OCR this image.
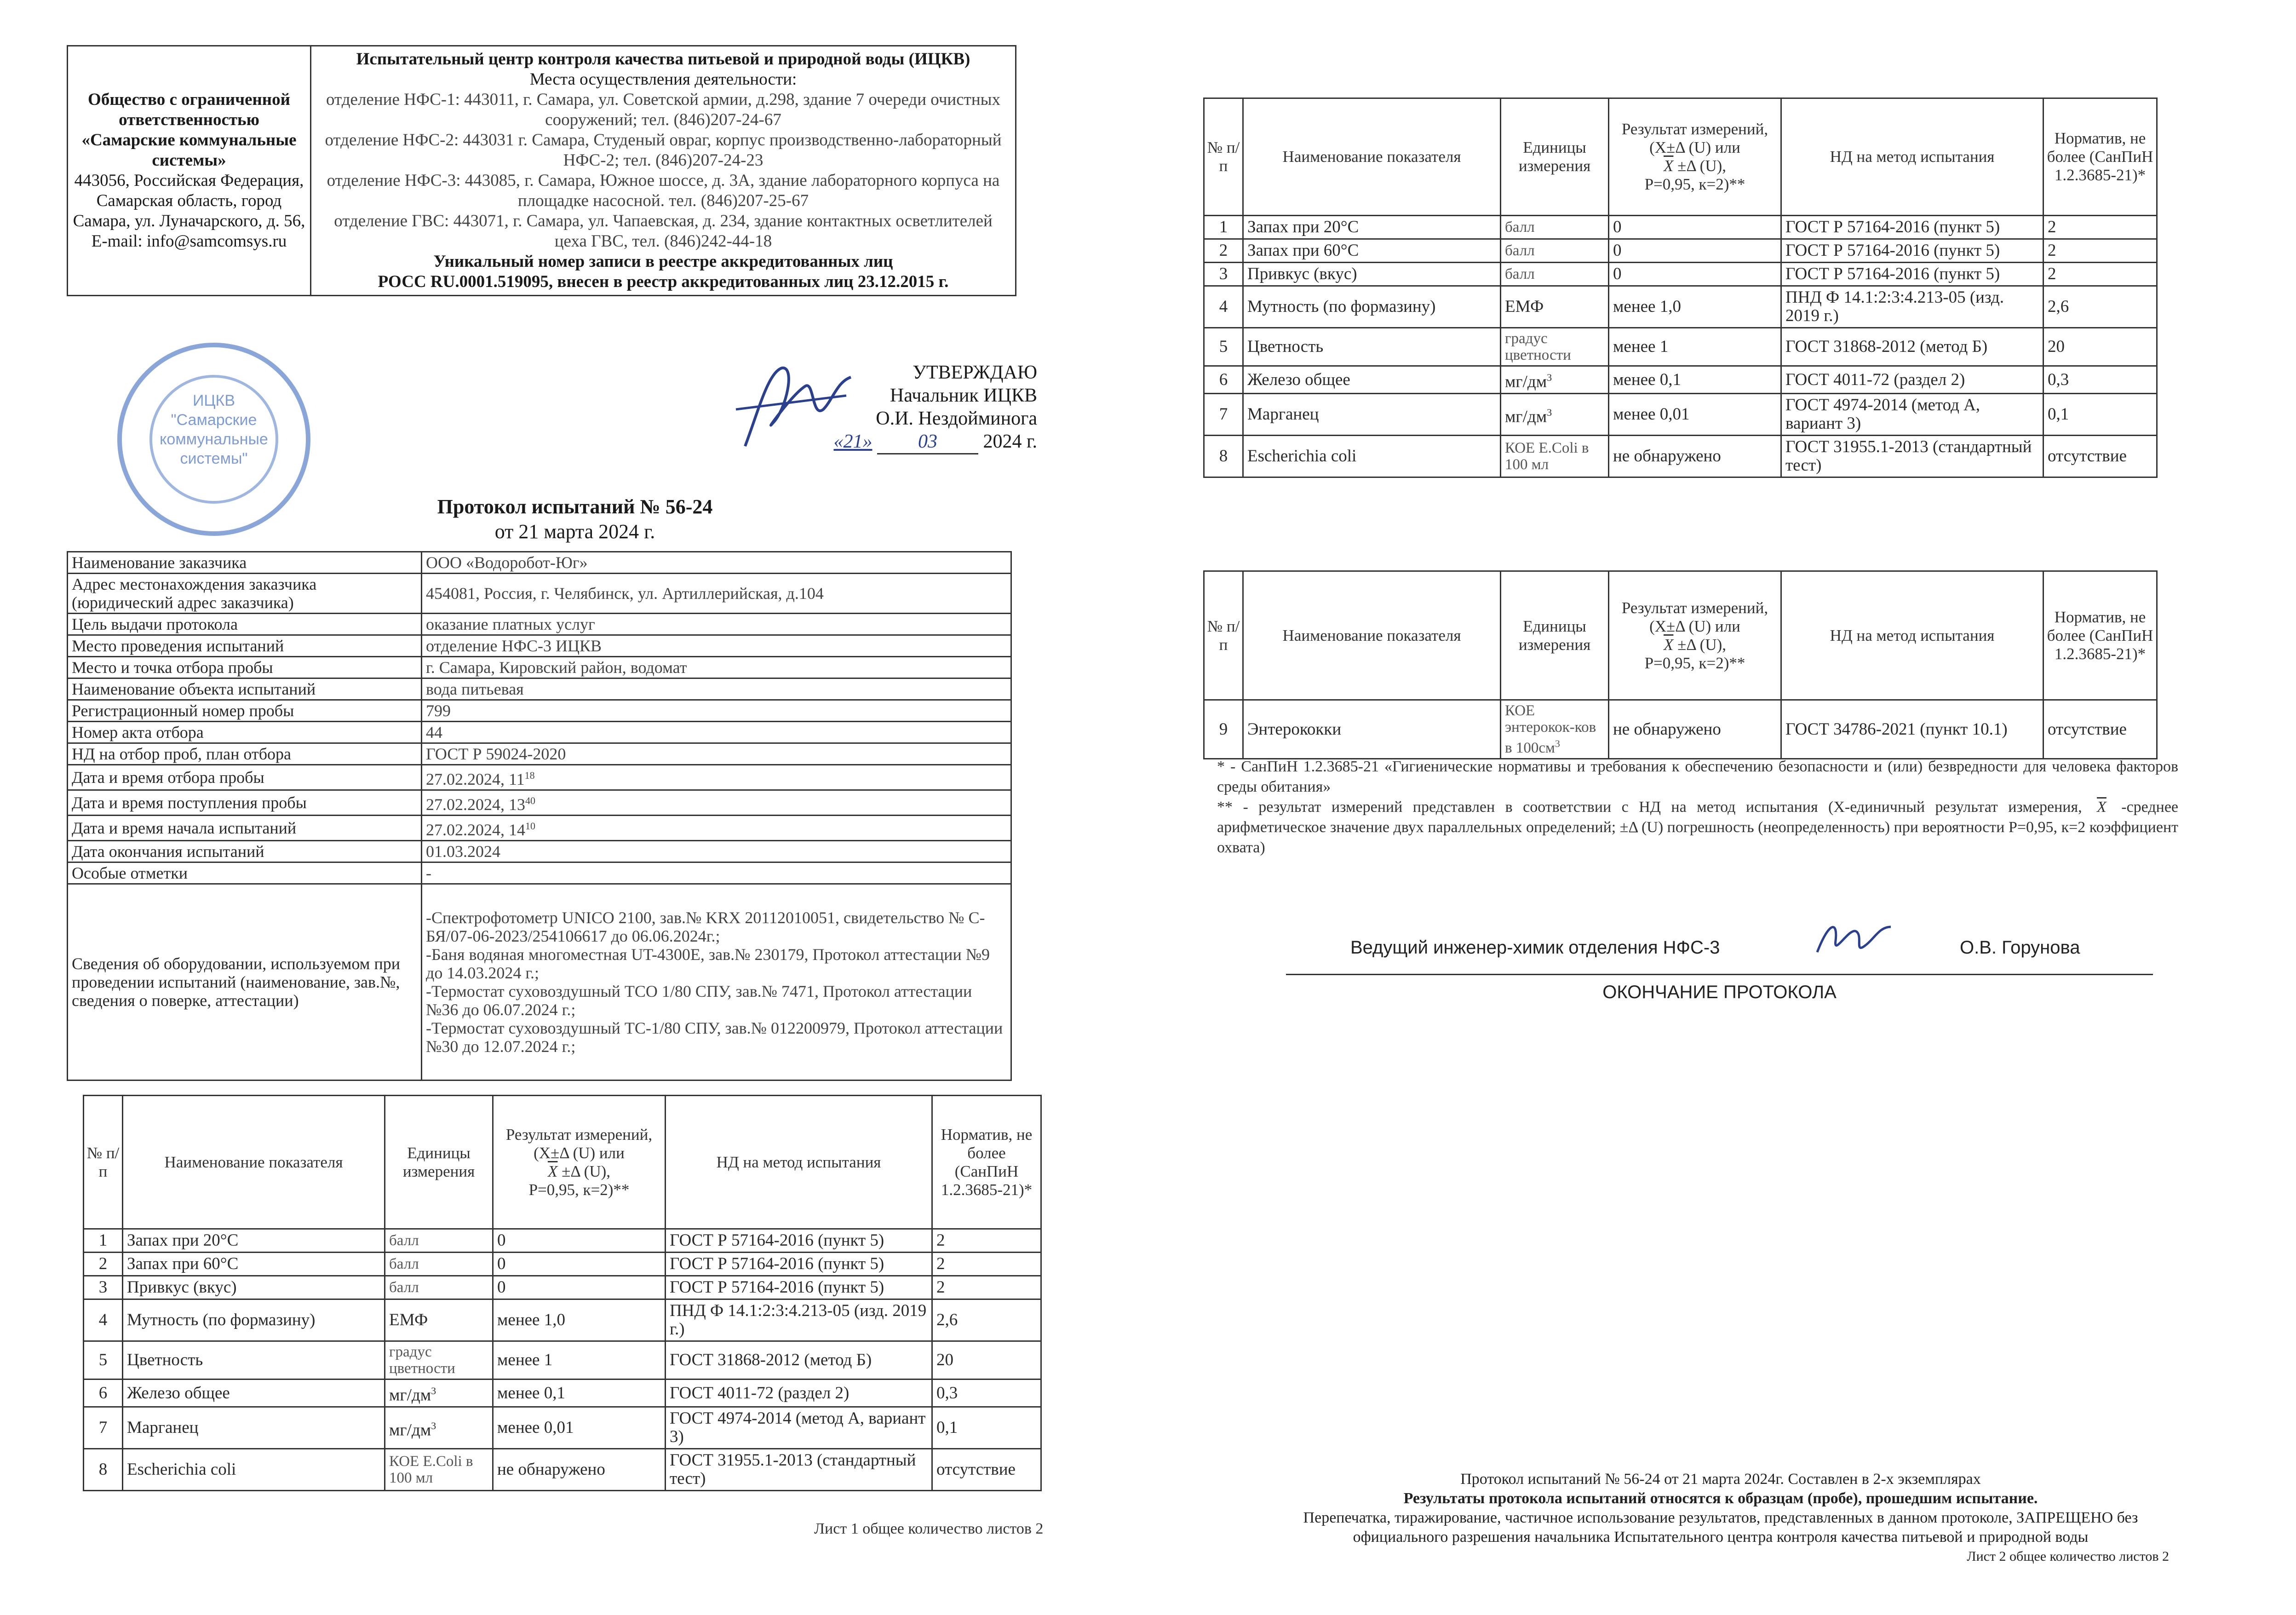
Общество с ограниченной ответственностью «Самарские коммунальные системы»
443056, Российская Федерация, Самарская область, город Самара, ул. Луначарского, д. 56,
E-mail: info@samcomsys.ru

Испытательный центр контроля качества питьевой и природной воды (ИЦКВ)
Места осуществления деятельности:
отделение НФС-1: 443011, г. Самара, ул. Советской армии, д.298, здание 7 очереди очистных сооружений; тел. (846)207-24-67
отделение НФС-2: 443031 г. Самара, Студеный овраг, корпус производственно-лабораторный НФС-2; тел. (846)207-24-23
отделение НФС-3: 443085, г. Самара, Южное шоссе, д. 3А, здание лабораторного корпуса на площадке насосной. тел. (846)207-25-67
отделение ГВС: 443071, г. Самара, ул. Чапаевская, д. 234, здание контактных осветлителей цеха ГВС, тел. (846)242-44-18
Уникальный номер записи в реестре аккредитованных лиц
РОСС RU.0001.519095, внесен в реестр аккредитованных лиц 23.12.2015 г.
ИЦКВ
"Самарские
коммунальные
системы"
УТВЕРЖДАЮ
Начальник ИЦКВ
О.И. Нездойминога
«21» 03 2024 г.
Протокол испытаний № 56-24
от 21 марта 2024 г.
Наименование заказчика	ООО «Водоробот-Юг»
Адрес местонахождения заказчика (юридический адрес заказчика)	454081, Россия, г. Челябинск, ул. Артиллерийская, д.104
Цель выдачи протокола	оказание платных услуг
Место проведения испытаний	отделение НФС-3 ИЦКВ
Место и точка отбора пробы	г. Самара, Кировский район, водомат
Наименование объекта испытаний	вода питьевая
Регистрационный номер пробы	799
Номер акта отбора	44
НД на отбор проб, план отбора	ГОСТ Р 59024-2020
Дата и время отбора пробы	27.02.2024, $11^{18}$
Дата и время поступления пробы	27.02.2024, $13^{40}$
Дата и время начала испытаний	27.02.2024, $14^{10}$
Дата окончания испытаний	01.03.2024
Особые отметки	-
Сведения об оборудовании, используемом при проведении испытаний (наименование, зав.№, сведения о поверке, аттестации)	-Спектрофотометр UNICO 2100, зав.№ KRX 20112010051, свидетельство № С-БЯ/07-06-2023/254106617 до 06.06.2024г.;
-Баня водяная многоместная UT-4300E, зав.№ 230179, Протокол аттестации №9 до 14.03.2024 г.;
-Термостат суховоздушный ТСО 1/80 СПУ, зав.№ 7471, Протокол аттестации №36 до 06.07.2024 г.;
-Термостат суховоздушный ТС-1/80 СПУ, зав.№ 012200979, Протокол аттестации №30 до 12.07.2024 г.;
№ п/п	Наименование показателя	Единицы измерения	Результат измерений, (Х±Δ (U) или
$\overline{X} \pm\Delta$ (U),
Р=0,95, к=2)**	НД на метод испытания	Норматив, не более (СанПиН 1.2.3685-21)*
1	Запах при 20°С	балл	0	ГОСТ Р 57164-2016 (пункт 5)	2
2	Запах при 60°С	балл	0	ГОСТ Р 57164-2016 (пункт 5)	2
3	Привкус (вкус)	балл	0	ГОСТ Р 57164-2016 (пункт 5)	2
4	Мутность (по формазину)	ЕМФ	менее 1,0	ПНД Ф 14.1:2:3:4.213-05 (изд. 2019 г.)	2,6
5	Цветность	градус цветности	менее 1	ГОСТ 31868-2012 (метод Б)	20
6	Железо общее	$мг/дм^3$	менее 0,1	ГОСТ 4011-72 (раздел 2)	0,3
7	Марганец	$мг/дм^3$	менее 0,01	ГОСТ 4974-2014 (метод А, вариант 3)	0,1
8	Escherichia coli	КОЕ E.Coli в 100 мл	не обнаружено	ГОСТ 31955.1-2013 (стандартный тест)	отсутствие
Лист 1 общее количество листов 2
№ п/п	Наименование показателя	Единицы измерения	Результат измерений, (Х±Δ (U) или
$\overline{X} \pm\Delta$ (U),
Р=0,95, к=2)**	НД на метод испытания	Норматив, не более (СанПиН 1.2.3685-21)*
1	Запах при 20°С	балл	0	ГОСТ Р 57164-2016 (пункт 5)	2
2	Запах при 60°С	балл	0	ГОСТ Р 57164-2016 (пункт 5)	2
3	Привкус (вкус)	балл	0	ГОСТ Р 57164-2016 (пункт 5)	2
4	Мутность (по формазину)	ЕМФ	менее 1,0	ПНД Ф 14.1:2:3:4.213-05 (изд. 2019 г.)	2,6
5	Цветность	градус цветности	менее 1	ГОСТ 31868-2012 (метод Б)	20
6	Железо общее	$мг/дм^3$	менее 0,1	ГОСТ 4011-72 (раздел 2)	0,3
7	Марганец	$мг/дм^3$	менее 0,01	ГОСТ 4974-2014 (метод А, вариант 3)	0,1
8	Escherichia coli	КОЕ E.Coli в 100 мл	не обнаружено	ГОСТ 31955.1-2013 (стандартный тест)	отсутствие
№ п/п	Наименование показателя	Единицы измерения	Результат измерений, (Х±Δ (U) или
$\overline{X} \pm\Delta$ (U),
Р=0,95, к=2)**	НД на метод испытания	Норматив, не более (СанПиН 1.2.3685-21)*
9	Энтерококки	КОЕ энтерокок-ков в $100см^3$	не обнаружено	ГОСТ 34786-2021 (пункт 10.1)	отсутствие
* - СанПиН 1.2.3685-21 «Гигиенические нормативы и требования к обеспечению безопасности и (или) безвредности для человека факторов среды обитания»
** - результат измерений представлен в соответствии с НД на метод испытания (Х-единичный результат измерения, $\overline{X}$ -среднее арифметическое значение двух параллельных определений; ±Δ (U) погрешность (неопределенность) при вероятности Р=0,95, к=2 коэффициент охвата)
Ведущий инженер-химик отделения НФС-3	О.В. Горунова
ОКОНЧАНИЕ ПРОТОКОЛА
Протокол испытаний № 56-24 от 21 марта 2024г. Составлен в 2-х экземплярах
Результаты протокола испытаний относятся к образцам (пробе), прошедшим испытание.
Перепечатка, тиражирование, частичное использование результатов, представленных в данном протоколе, ЗАПРЕЩЕНО без официального разрешения начальника Испытательного центра контроля качества питьевой и природной воды
Лист 2 общее количество листов 2
